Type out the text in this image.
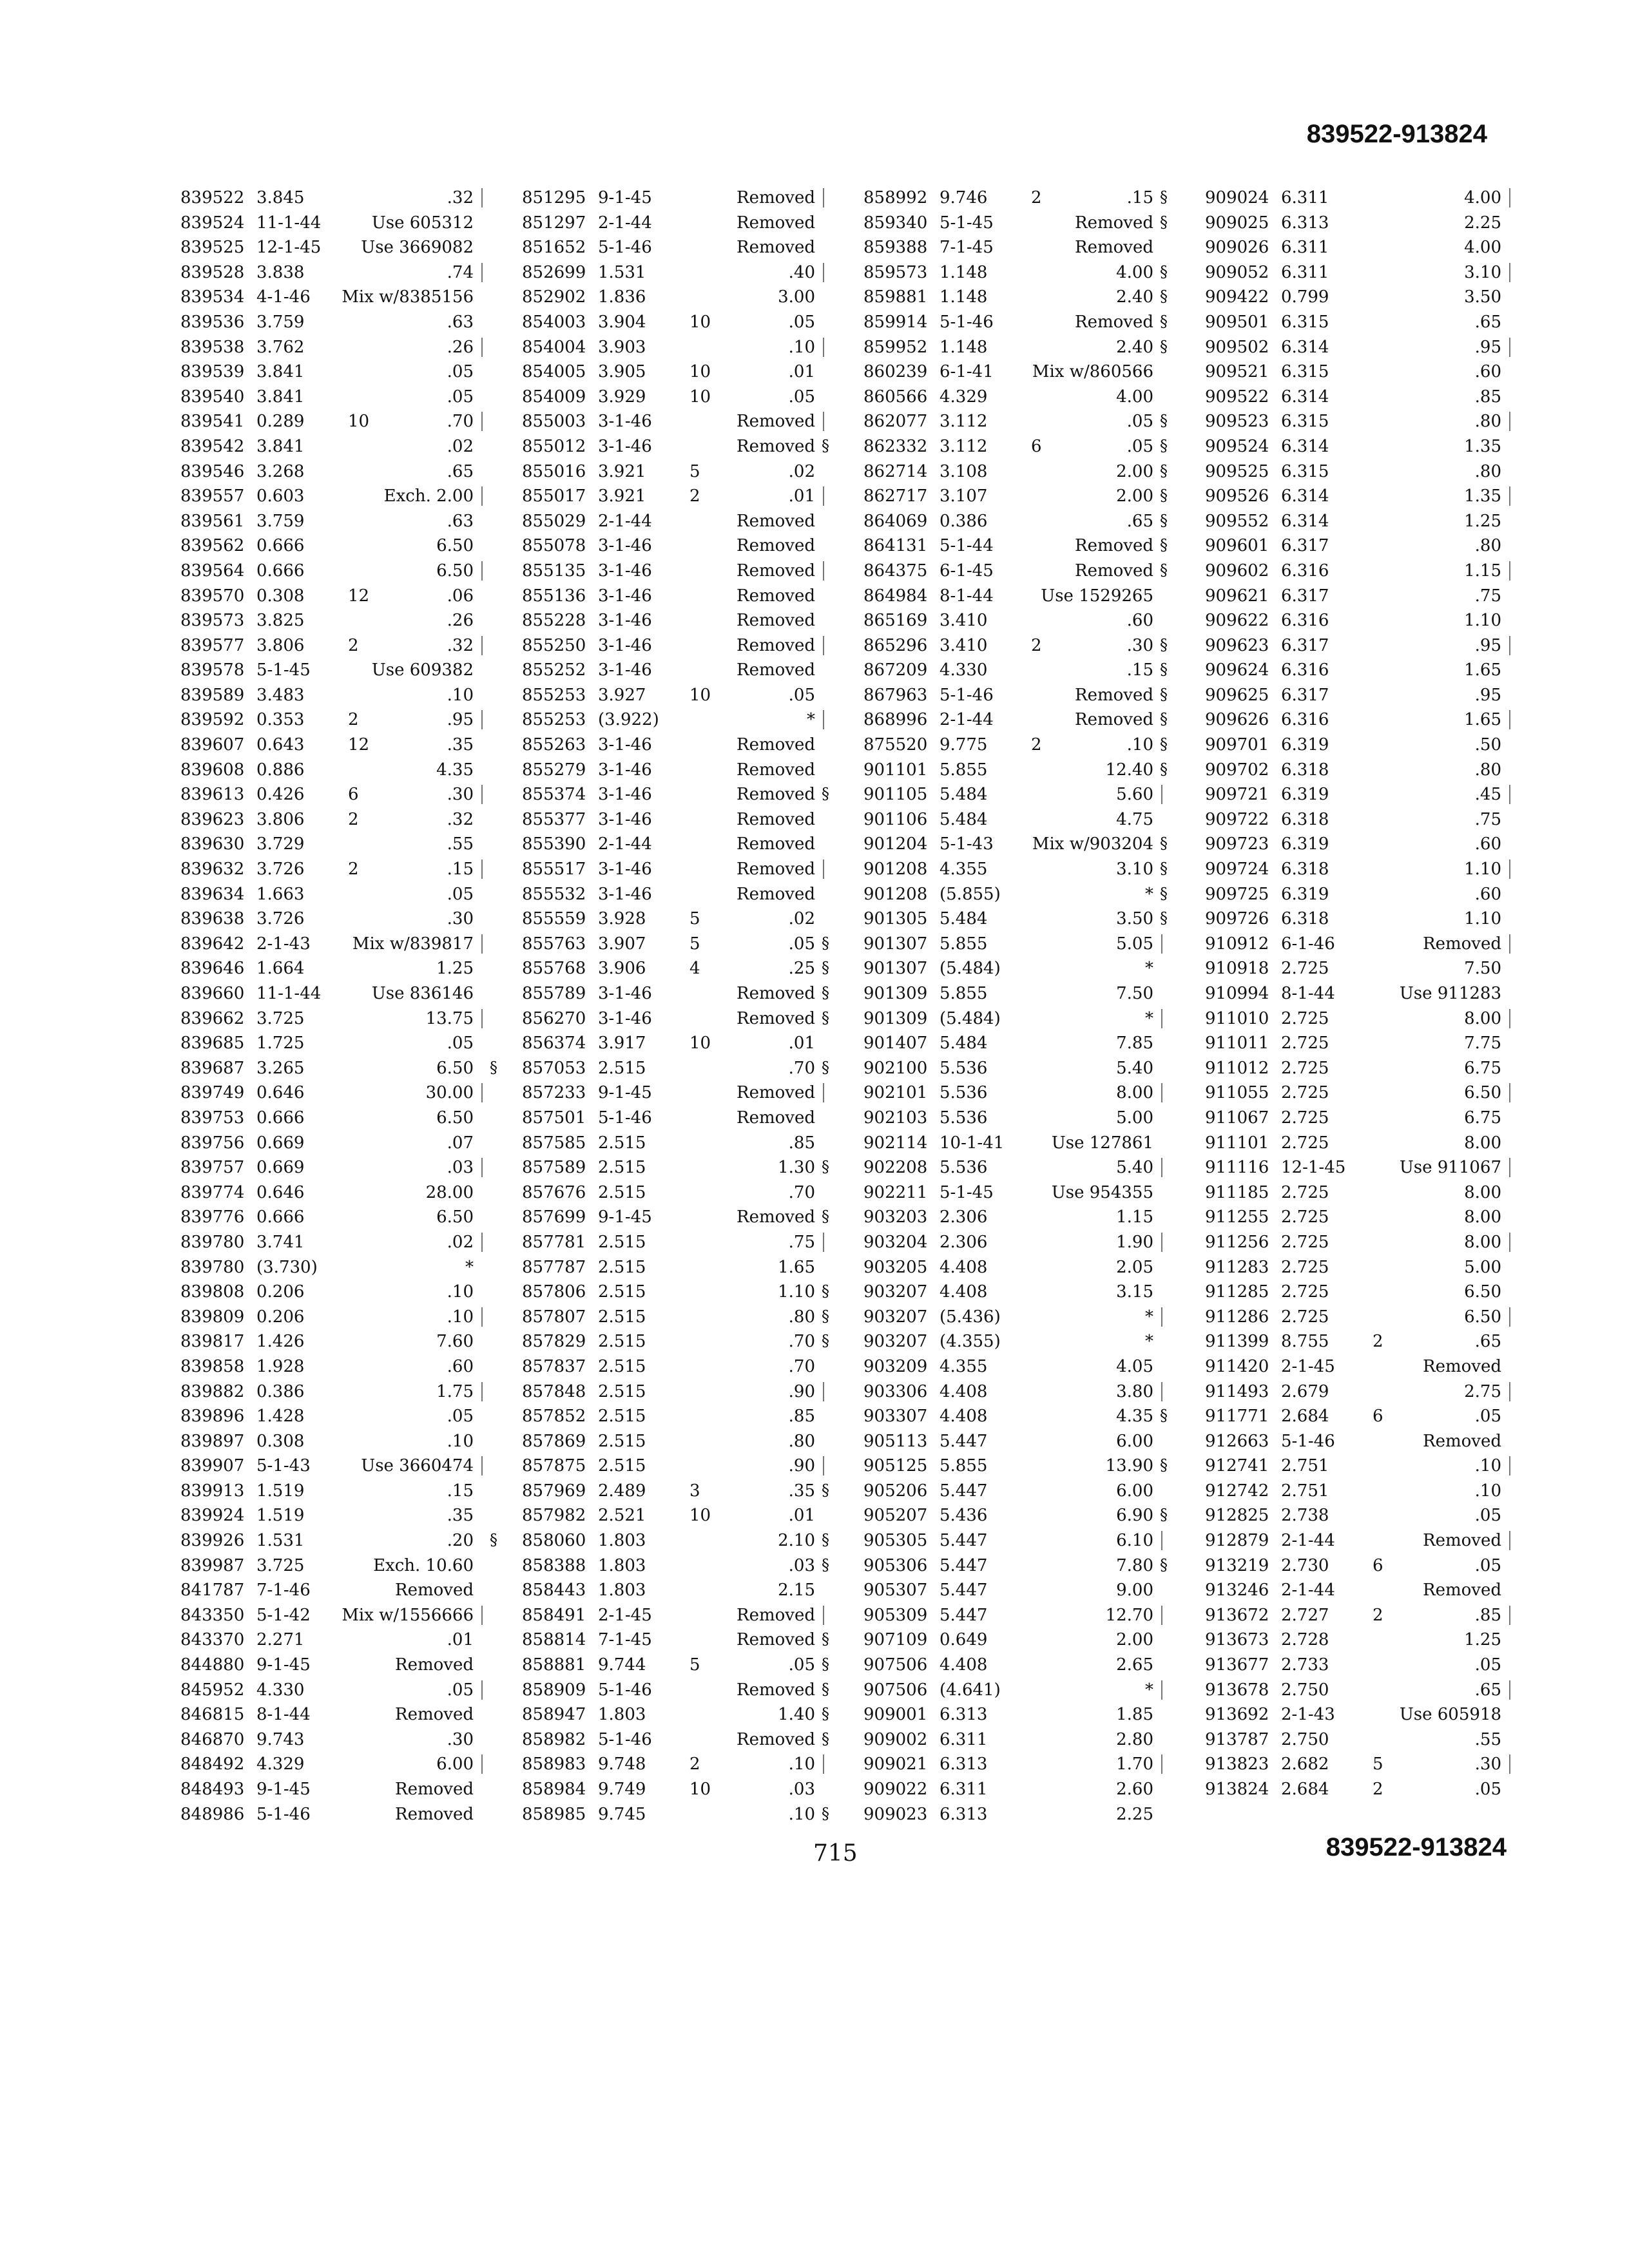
839522-913824
839522 3.845	.32
839524 11-1-44	Use 605312
839525 12-1-45 Use 3669082
839528 3.838	.74
839534 4-1-46 Mix w/8385156
839536 3.759	.63
839538 3.762	.26
839539 3.841	.05
839540 3.841	.05
839541 0.289	10	.70
839542 3.841	.02
839546 3.268	.65
839557 0.603	Exch. 2.00
839561 3.759	.63
839562 0.666	6.50
839564 0.666	6.50
839570 0.308	12	.06
839573 3.825	.26
839577 3.806	2	.32
839578 5-1-45	Use 609382
839589 3.483	.10
839592 0.353	2	.95
839607 0.643	12	.35
839608 0.886	4.35
839613 0.426	6	.30
839623 3.806	2	.32
839630 3.729	.55
839632 3.726	2	.15
839634 1.663	.05
839638 3.726	.30
839642 2-1-43	Mix w/839817
839646 1.664	1.25
839660 11-1-44	Use 836146
839662 3.725	13.75
839685 1.725	.05
839687 3.265	6.50 §
839749 0.646	30.00
839753 0.666	6.50
839756 0.669	.07
839757 0.669	.03
839774 0.646	28.00
839776 0.666	6.50
839780 3.741	.02
839780 (3.730)	*
839808 0.206	.10
839809 0.206	.10
839817 1.426	7.60
839858 1.928	.60
839882 0.386	1.75
839896 1.428	.05
839897 0.308	.10
839907 5-1-43	Use 3660474
839913 1.519	.15
839924 1.519	.35
839926 1.531	.20 §
839987 3.725	Exch. 10.60
841787 7-1-46	Removed
843350 5-1-42 Mix w/1556666
843370 2.271	.01
844880 9-1-45	Removed
845952 4.330	.05
846815 8-1-44	Removed
846870 9.743	.30
848492 4.329	6.00
848493 9-1-45	Removed
848986 5-1-46	Removed
851295 9-1-45	Removed
851297 2-1-44	Removed
851652 5-1-46	Removed
852699 1.531	.40
852902 1.836	3.00
854003 3.904	10	.05
854004 3.903	.10
854005 3.905	10	.01
854009 3.929	10	.05
855003 3-1-46	Removed
855012 3-1-46	Removed §
855016 3.921	5	.02
855017 3.921	2	.01
855029 2-1-44	Removed
855078 3-1-46	Removed
855135 3-1-46	Removed
855136 3-1-46	Removed
855228 3-1-46	Removed
855250 3-1-46	Removed
855252 3-1-46	Removed
855253 3.927	10	.05
855253 (3.922)	*
855263 3-1-46	Removed
855279 3-1-46	Removed
855374 3-1-46	Removed §
855377 3-1-46	Removed
855390 2-1-44	Removed
855517 3-1-46	Removed
855532 3-1-46	Removed
855559 3.928	5	.02
855763 3.907	5	.05 §
855768 3.906	4	.25 §
855789 3-1-46	Removed §
856270 3-1-46	Removed §
856374 3.917	10	.01
857053 2.515	.70 §
857233 9-1-45	Removed
857501 5-1-46	Removed
857585 2.515	.85
857589 2.515	1.30 §
857676 2.515	.70
857699 9-1-45	Removed §
857781 2.515	.75
857787 2.515	1.65
857806 2.515	1.10 §
857807 2.515	.80 §
857829 2.515	.70 §
857837 2.515	.70
857848 2.515	.90
857852 2.515	.85
857869 2.515	.80
857875 2.515	.90
857969 2.489	3	.35 §
857982 2.521	10	.01
858060 1.803	2.10 §
858388 1.803	.03 §
858443 1.803	2.15
858491 2-1-45	Removed
858814 7-1-45	Removed §
858881 9.744	5	.05 §
858909 5-1-46	Removed §
858947 1.803	1.40 §
858982 5-1-46	Removed §
858983 9.748	2	.10
858984 9.749	10	.03
858985 9.745	.10 §
858992 9.746	2	.15 §
859340 5-1-45	Removed §
859388 7-1-45	Removed
859573 1.148	4.00 §
859881 1.148	2.40 §
859914 5-1-46	Removed §
859952 1.148	2.40 §
860239 6-1-41 Mix w/860566
860566 4.329	4.00
862077 3.112	.05 §
862332 3.112	6	.05 §
862714 3.108	2.00 §
862717 3.107	2.00 §
864069 0.386	.65 §
864131 5-1-44	Removed §
864375 6-1-45	Removed §
864984 8-1-44	Use 1529265
865169 3.410	.60
865296 3.410	2	.30 §
867209 4.330	.15 §
867963 5-1-46	Removed §
868996 2-1-44	Removed §
875520 9.775	2	.10 §
901101 5.855	12.40 §
901105 5.484	5.60
901106 5.484	4.75
901204 5-1-43 Mix w/903204 §
901208 4.355	3.10 §
901208 (5.855)	* §
901305 5.484	3.50 §
901307 5.855	5.05
901307 (5.484)	*
901309 5.855	7.50
901309 (5.484)	*
901407 5.484	7.85
902100 5.536	5.40
902101 5.536	8.00
902103 5.536	5.00
902114 10-1-41	Use 127861
902208 5.536	5.40
902211 5-1-45	Use 954355
903203 2.306	1.15
903204 2.306	1.90
903205 4.408	2.05
903207 4.408	3.15
903207 (5.436)	*
903207 (4.355)	*
903209 4.355	4.05
903306 4.408	3.80
903307 4.408	4.35 §
905113 5.447	6.00
905125 5.855	13.90 §
905206 5.447	6.00
905207 5.436	6.90 §
905305 5.447	6.10
905306 5.447	7.80 §
905307 5.447	9.00
905309 5.447	12.70
907109 0.649	2.00
907506 4.408	2.65
907506 (4.641)	*
909001 6.313	1.85
909002 6.311	2.80
909021 6.313	1.70
909022 6.311	2.60
909023 6.313	2.25
909024 6.311	4.00
909025 6.313	2.25
909026 6.311	4.00
909052 6.311	3.10
909422 0.799	3.50
909501 6.315	.65
909502 6.314	.95
909521 6.315	.60
909522 6.314	.85
909523 6.315	.80
909524 6.314	1.35
909525 6.315	.80
909526 6.314	1.35
909552 6.314	1.25
909601 6.317	.80
909602 6.316	1.15
909621 6.317	.75
909622 6.316	1.10
909623 6.317	.95
909624 6.316	1.65
909625 6.317	.95
909626 6.316	1.65
909701 6.319	.50
909702 6.318	.80
909721 6.319	.45
909722 6.318	.75
909723 6.319	.60
909724 6.318	1.10
909725 6.319	.60
909726 6.318	1.10
910912 6-1-46	Removed
910918 2.725	7.50
910994 8-1-44	Use 911283
911010 2.725	8.00
911011 2.725	7.75
911012 2.725	6.75
911055 2.725	6.50
911067 2.725	6.75
911101 2.725	8.00
911116 12-1-45	Use 911067
911185 2.725	8.00
911255 2.725	8.00
911256 2.725	8.00
911283 2.725	5.00
911285 2.725	6.50
911286 2.725	6.50
911399 8.755	2	.65
911420 2-1-45	Removed
911493 2.679	2.75
911771 2.684	6	.05
912663 5-1-46	Removed
912741 2.751	.10
912742 2.751	.10
912825 2.738	.05
912879 2-1-44	Removed
913219 2.730	6	.05
913246 2-1-44	Removed
913672 2.727	2	.85
913673 2.728	1.25
913677 2.733	.05
913678 2.750	.65
913692 2-1-43	Use 605918
913787 2.750	.55
913823 2.682	5	.30
913824 2.684	2	.05
715	839522-913824
